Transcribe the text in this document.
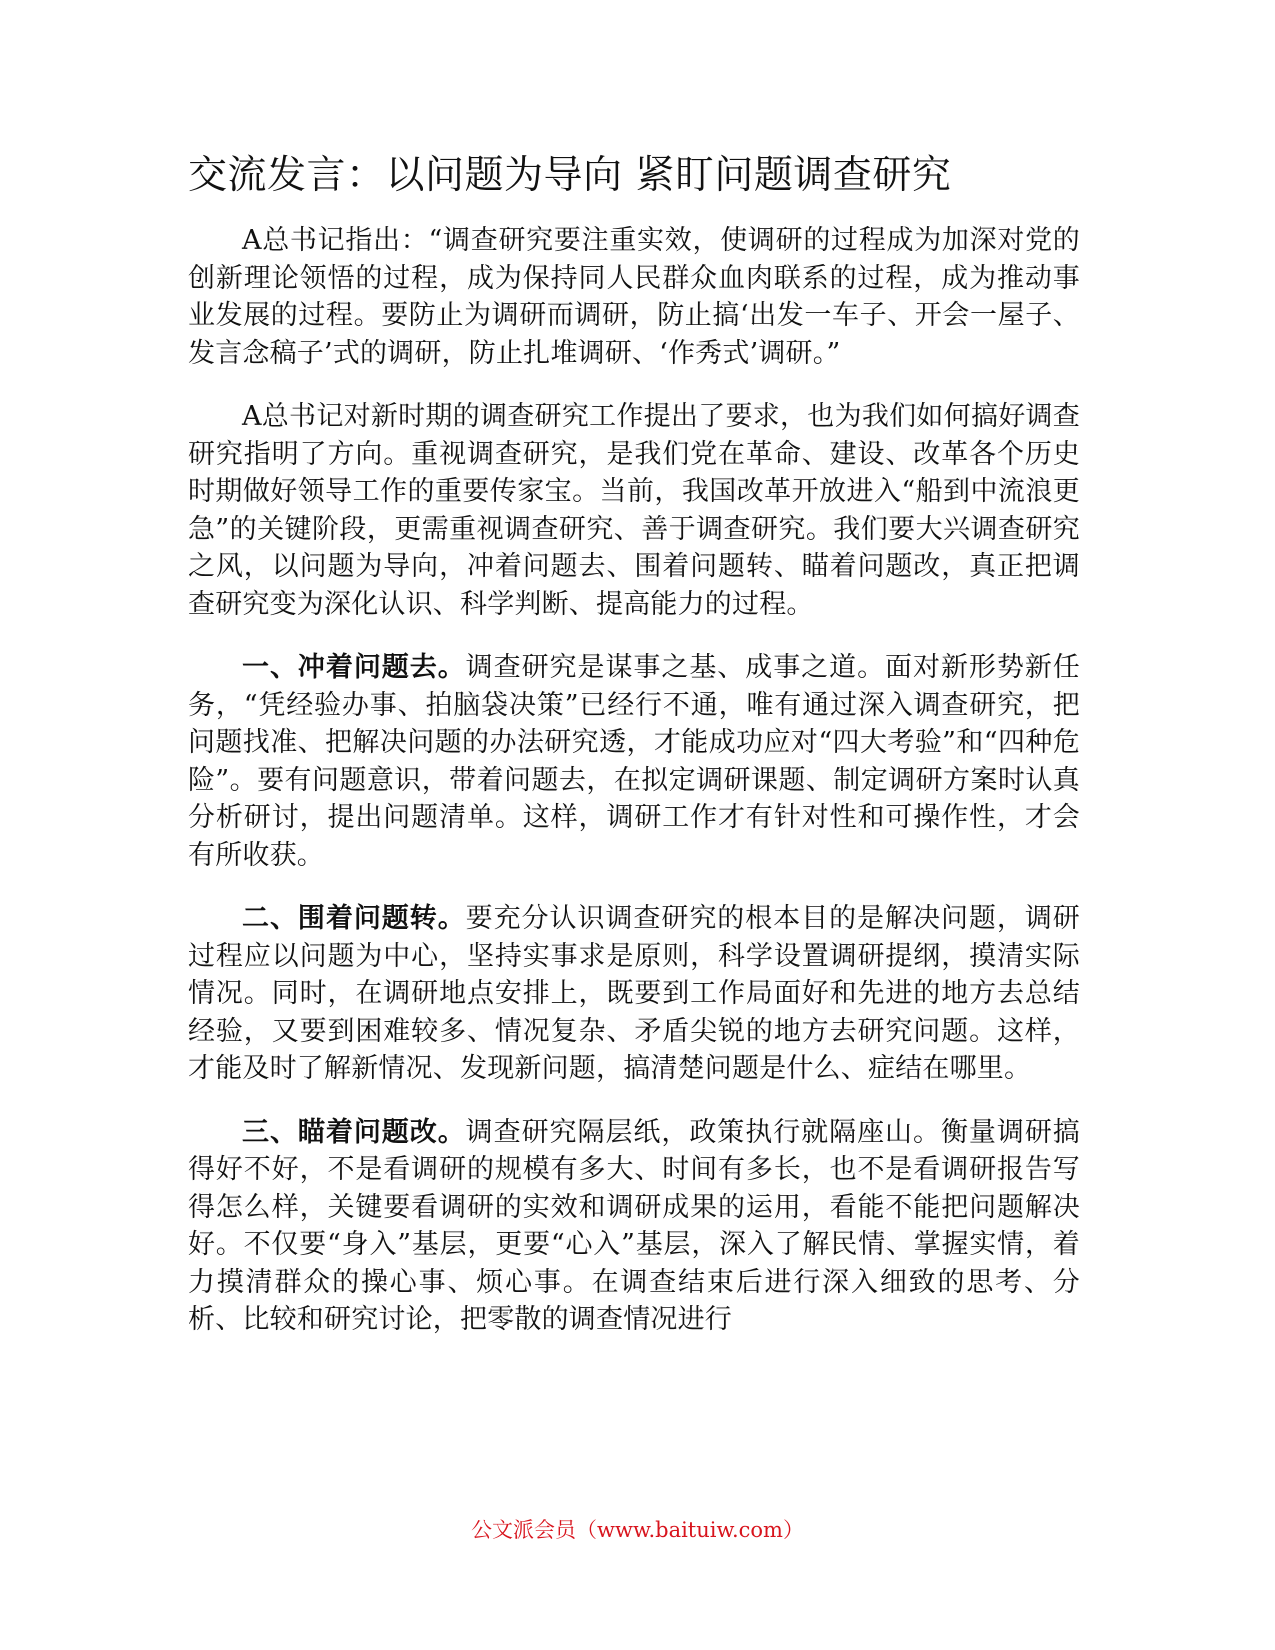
交流发言：以问题为导向 紧盯问题调查研究

A总书记指出：“调查研究要注重实效，使调研的过程成为加深对党的创新理论领悟的过程，成为保持同人民群众血肉联系的过程，成为推动事业发展的过程。要防止为调研而调研，防止搞‘出发一车子、开会一屋子、发言念稿子’式的调研，防止扎堆调研、‘作秀式’调研。”

A总书记对新时期的调查研究工作提出了要求，也为我们如何搞好调查研究指明了方向。重视调查研究，是我们党在革命、建设、改革各个历史时期做好领导工作的重要传家宝。当前，我国改革开放进入“船到中流浪更急”的关键阶段，更需重视调查研究、善于调查研究。我们要大兴调查研究之风，以问题为导向，冲着问题去、围着问题转、瞄着问题改，真正把调查研究变为深化认识、科学判断、提高能力的过程。

一、冲着问题去。调查研究是谋事之基、成事之道。面对新形势新任务，“凭经验办事、拍脑袋决策”已经行不通，唯有通过深入调查研究，把问题找准、把解决问题的办法研究透，才能成功应对“四大考验”和“四种危险”。要有问题意识，带着问题去，在拟定调研课题、制定调研方案时认真分析研讨，提出问题清单。这样，调研工作才有针对性和可操作性，才会有所收获。

二、围着问题转。要充分认识调查研究的根本目的是解决问题，调研过程应以问题为中心，坚持实事求是原则，科学设置调研提纲，摸清实际情况。同时，在调研地点安排上，既要到工作局面好和先进的地方去总结经验，又要到困难较多、情况复杂、矛盾尖锐的地方去研究问题。这样，才能及时了解新情况、发现新问题，搞清楚问题是什么、症结在哪里。

三、瞄着问题改。调查研究隔层纸，政策执行就隔座山。衡量调研搞得好不好，不是看调研的规模有多大、时间有多长，也不是看调研报告写得怎么样，关键要看调研的实效和调研成果的运用，看能不能把问题解决好。不仅要“身入”基层，更要“心入”基层，深入了解民情、掌握实情，着力摸清群众的操心事、烦心事。在调查结束后进行深入细致的思考、分析、比较和研究讨论，把零散的调查情况进行

公文派会员（www.baituiw.com）
